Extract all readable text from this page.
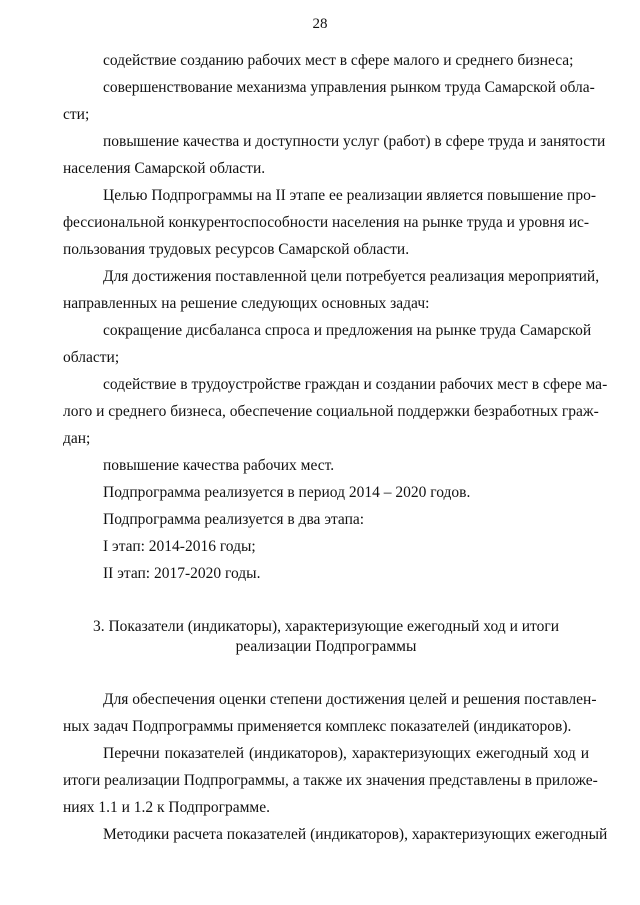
28
содействие созданию рабочих мест в сфере малого и среднего бизнеса;
совершенствование механизма управления рынком труда Самарской обла-
сти;
повышение качества и доступности услуг (работ) в сфере труда и занятости
населения Самарской области.
Целью Подпрограммы на II этапе ее реализации является повышение про-
фессиональной конкурентоспособности населения на рынке труда и уровня ис-
пользования трудовых ресурсов Самарской области.
Для достижения поставленной цели потребуется реализация мероприятий,
направленных на решение следующих основных задач:
сокращение дисбаланса спроса и предложения на рынке труда Самарской
области;
содействие в трудоустройстве граждан и создании рабочих мест в сфере ма-
лого и среднего бизнеса, обеспечение социальной поддержки безработных граж-
дан;
повышение качества рабочих мест.
Подпрограмма реализуется в период 2014 – 2020 годов.
Подпрограмма реализуется в два этапа:
I этап: 2014-2016 годы;
II этап: 2017-2020 годы.
3. Показатели (индикаторы), характеризующие ежегодный ход и итоги
реализации Подпрограммы
Для обеспечения оценки степени достижения целей и решения поставлен-
ных задач Подпрограммы применяется комплекс показателей (индикаторов).
Перечни показателей (индикаторов), характеризующих ежегодный ход и
итоги реализации Подпрограммы, а также их значения представлены в приложе-
ниях 1.1 и 1.2 к Подпрограмме.
Методики расчета показателей (индикаторов), характеризующих ежегодный
